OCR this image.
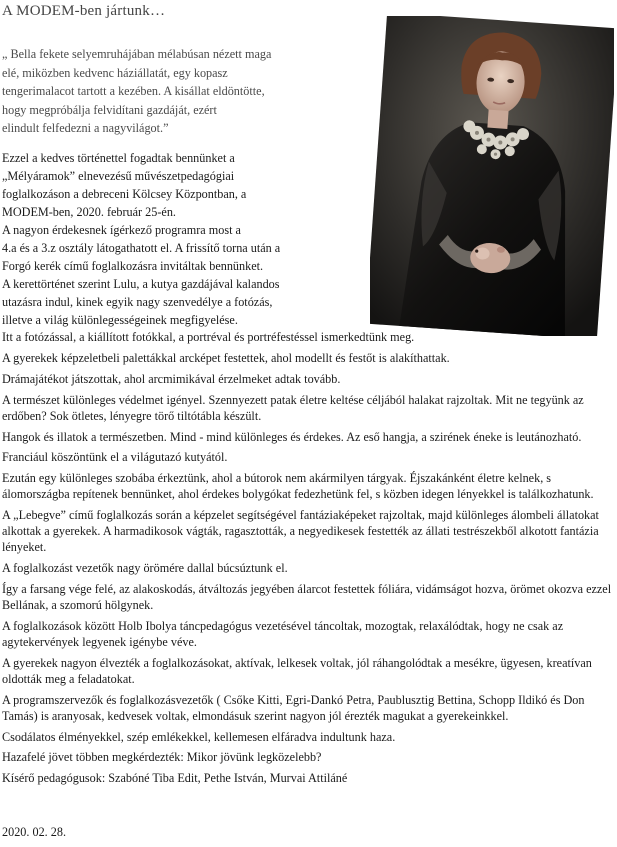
A MODEM-ben jártunk…
„ Bella fekete selyemruhájában mélabúsan nézett maga
elé, miközben kedvenc háziállatát, egy kopasz
tengerimalacot tartott a kezében. A kisállat eldöntötte,
hogy megpróbálja felvidítani gazdáját, ezért
elindult felfedezni a nagyvilágot.”
Ezzel a kedves történettel fogadtak bennünket a
„Mélyáramok” elnevezésű művészetpedagógiai
foglalkozáson a debreceni Kölcsey Központban, a
MODEM-ben, 2020. február 25-én.
A nagyon érdekesnek ígérkező programra most a
4.a és a 3.z osztály látogathatott el. A frissítő torna után a
Forgó kerék című foglalkozásra invitáltak bennünket.
A kerettörténet szerint Lulu, a kutya gazdájával kalandos
utazásra indul, kinek egyik nagy szenvedélye a fotózás,
illetve a világ különlegességeinek megfigyelése.

Itt a fotózással, a kiállított fotókkal, a portréval és portréfestéssel ismerkedtünk meg.

A gyerekek képzeletbeli palettákkal arcképet festettek, ahol modellt és festőt is alakíthattak.

Drámajátékot játszottak, ahol arcmimikával érzelmeket adtak tovább.

A természet különleges védelmet igényel. Szennyezett patak életre keltése céljából halakat rajzoltak. Mit ne tegyünk az erdőben? Sok ötletes, lényegre törő tiltótábla készült.

Hangok és illatok a természetben. Mind - mind különleges és érdekes. Az eső hangja, a szirének éneke is leutánozható.

Franciául köszöntünk el a világutazó kutyától.

Ezután egy különleges szobába érkeztünk, ahol a bútorok nem akármilyen tárgyak. Éjszakánként életre kelnek, s álomországba repítenek bennünket, ahol érdekes bolygókat fedezhetünk fel, s közben idegen lényekkel is találkozhatunk.

A „Lebegve” című foglalkozás során a képzelet segítségével fantáziaképeket rajzoltak, majd különleges álombeli állatokat alkottak a gyerekek. A harmadikosok vágták, ragasztották, a negyedikesek festették az állati testrészekből alkotott fantázia lényeket.

A foglalkozást vezetők nagy örömére dallal búcsúztunk el.

Így a farsang vége felé, az alakoskodás, átváltozás jegyében álarcot festettek fóliára, vidámságot hozva, örömet okozva ezzel Bellának, a szomorú hölgynek.

A foglalkozások között Holb Ibolya táncpedagógus vezetésével táncoltak, mozogtak, relaxálódtak, hogy ne csak az agytekervények legyenek igénybe véve.

A gyerekek nagyon élvezték a foglalkozásokat, aktívak, lelkesek voltak, jól ráhangolódtak a mesékre, ügyesen, kreatívan oldották meg a feladatokat.

A programszervezők és foglalkozásvezetők ( Csőke Kitti, Egri-Dankó Petra, Paublusztig Bettina, Schopp Ildikó és Don Tamás) is aranyosak, kedvesek voltak, elmondásuk szerint nagyon jól érezték magukat a gyerekeinkkel.

Csodálatos élményekkel, szép emlékekkel, kellemesen elfáradva indultunk haza.

Hazafelé jövet többen megkérdezték: Mikor jövünk legközelebb?

Kísérő pedagógusok: Szabóné Tiba Edit, Pethe István, Murvai Attiláné

2020. 02. 28.
